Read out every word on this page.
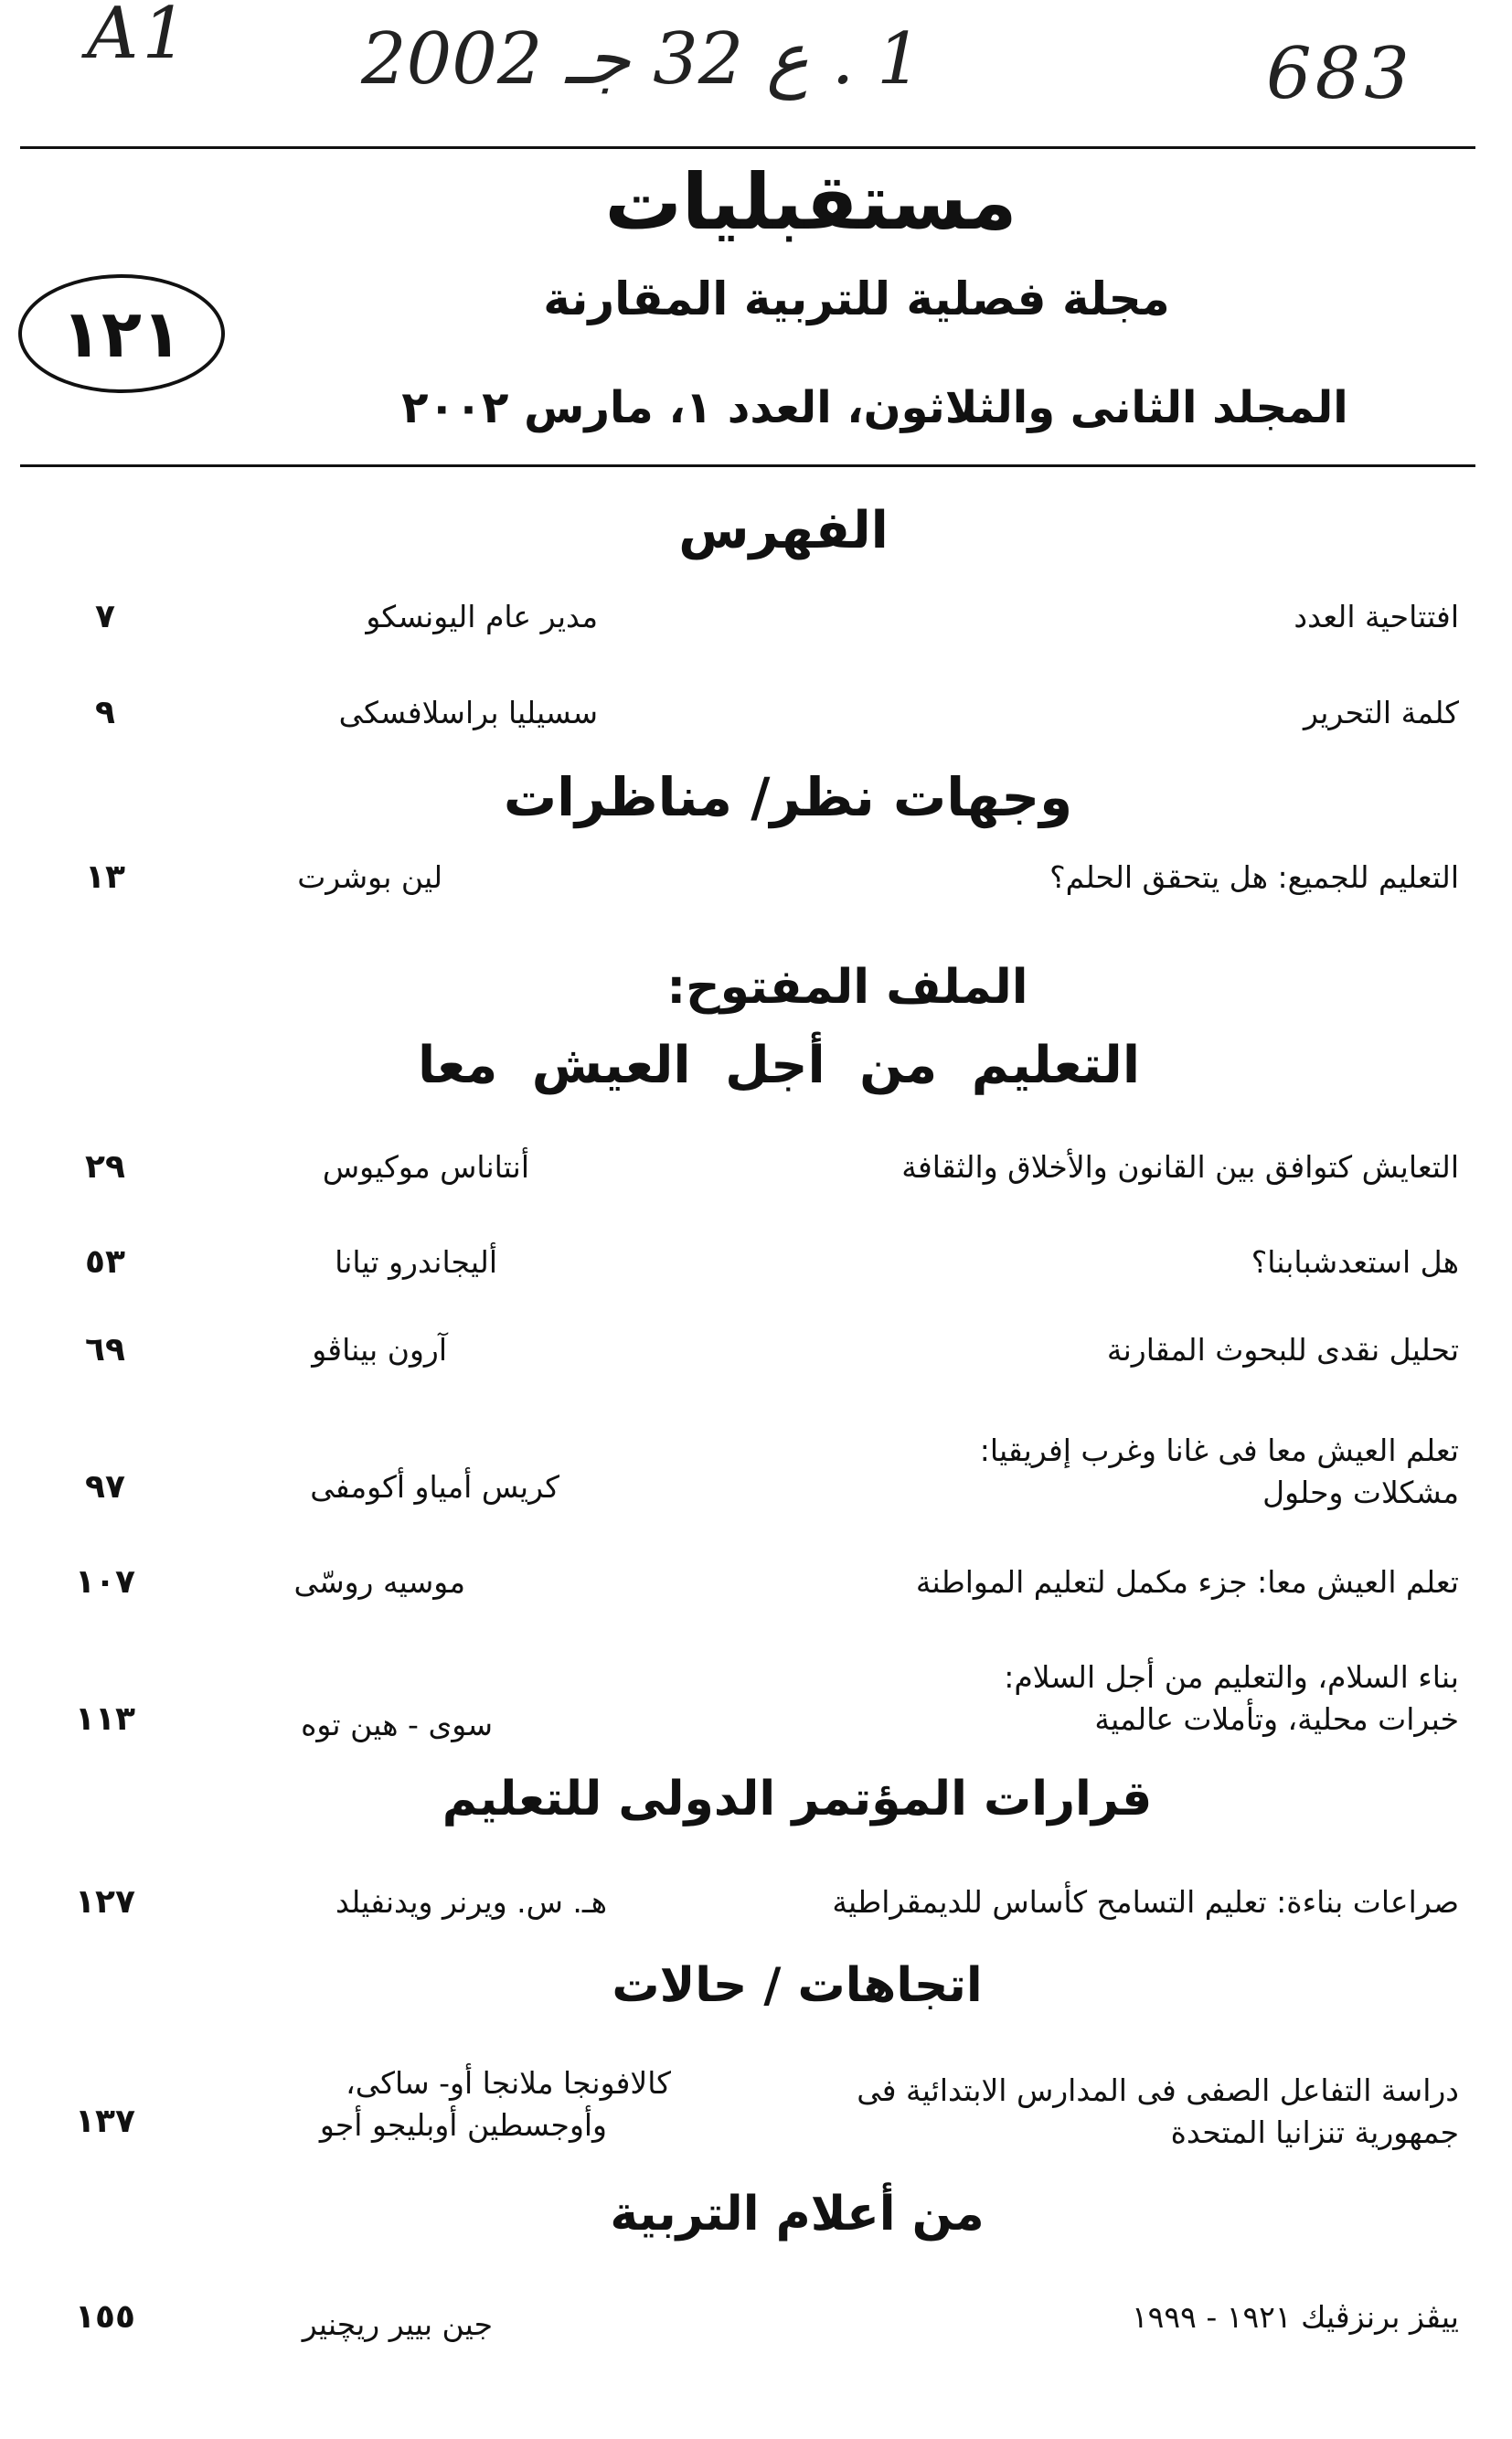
A1 1 . ع 32 جـ 2002	683
مستقبليات
مجلة فصلية للتربية المقارنة
المجلد الثانى والثلاثون، العدد ١، مارس ٢٠٠٢
١٢١
الفهرس
افتتاحية العدد
مدير عام اليونسكو
٧
كلمة التحرير
سسيليا براسلافسكى
٩
وجهات نظر/ مناظرات
التعليم للجميع: هل يتحقق الحلم؟
لين بوشرت
١٣
الملف المفتوح:
التعليم من أجل العيش معا
التعايش كتوافق بين القانون والأخلاق والثقافة
أنتاناس موكيوس
٢٩
هل استعدشبابنا؟
أليجاندرو تيانا
٥٣
تحليل نقدى للبحوث المقارنة
آرون بيناڤو
٦٩
تعلم العيش معا فى غانا وغرب إفريقيا:
مشكلات وحلول
كريس أمياو أكومفى
٩٧
تعلم العيش معا: جزء مكمل لتعليم المواطنة
موسيه روسّى
١٠٧
بناء السلام، والتعليم من أجل السلام:
خبرات محلية، وتأملات عالمية
سوى - هين توه
١١٣
قرارات المؤتمر الدولى للتعليم
صراعات بناءة: تعليم التسامح كأساس للديمقراطية
هـ. س. ويرنر ويدنفيلد
١٢٧
اتجاهات / حالات
دراسة التفاعل الصفى فى المدارس الابتدائية فى
جمهورية تنزانيا المتحدة
كالافونجا ملانجا أو- ساكى،
وأوجسطين أوبليجو أجو
١٣٧
من أعلام التربية
ييڤز برنزڤيك ١٩٢١ - ١٩٩٩
جين بيير ريچنير
١٥٥
